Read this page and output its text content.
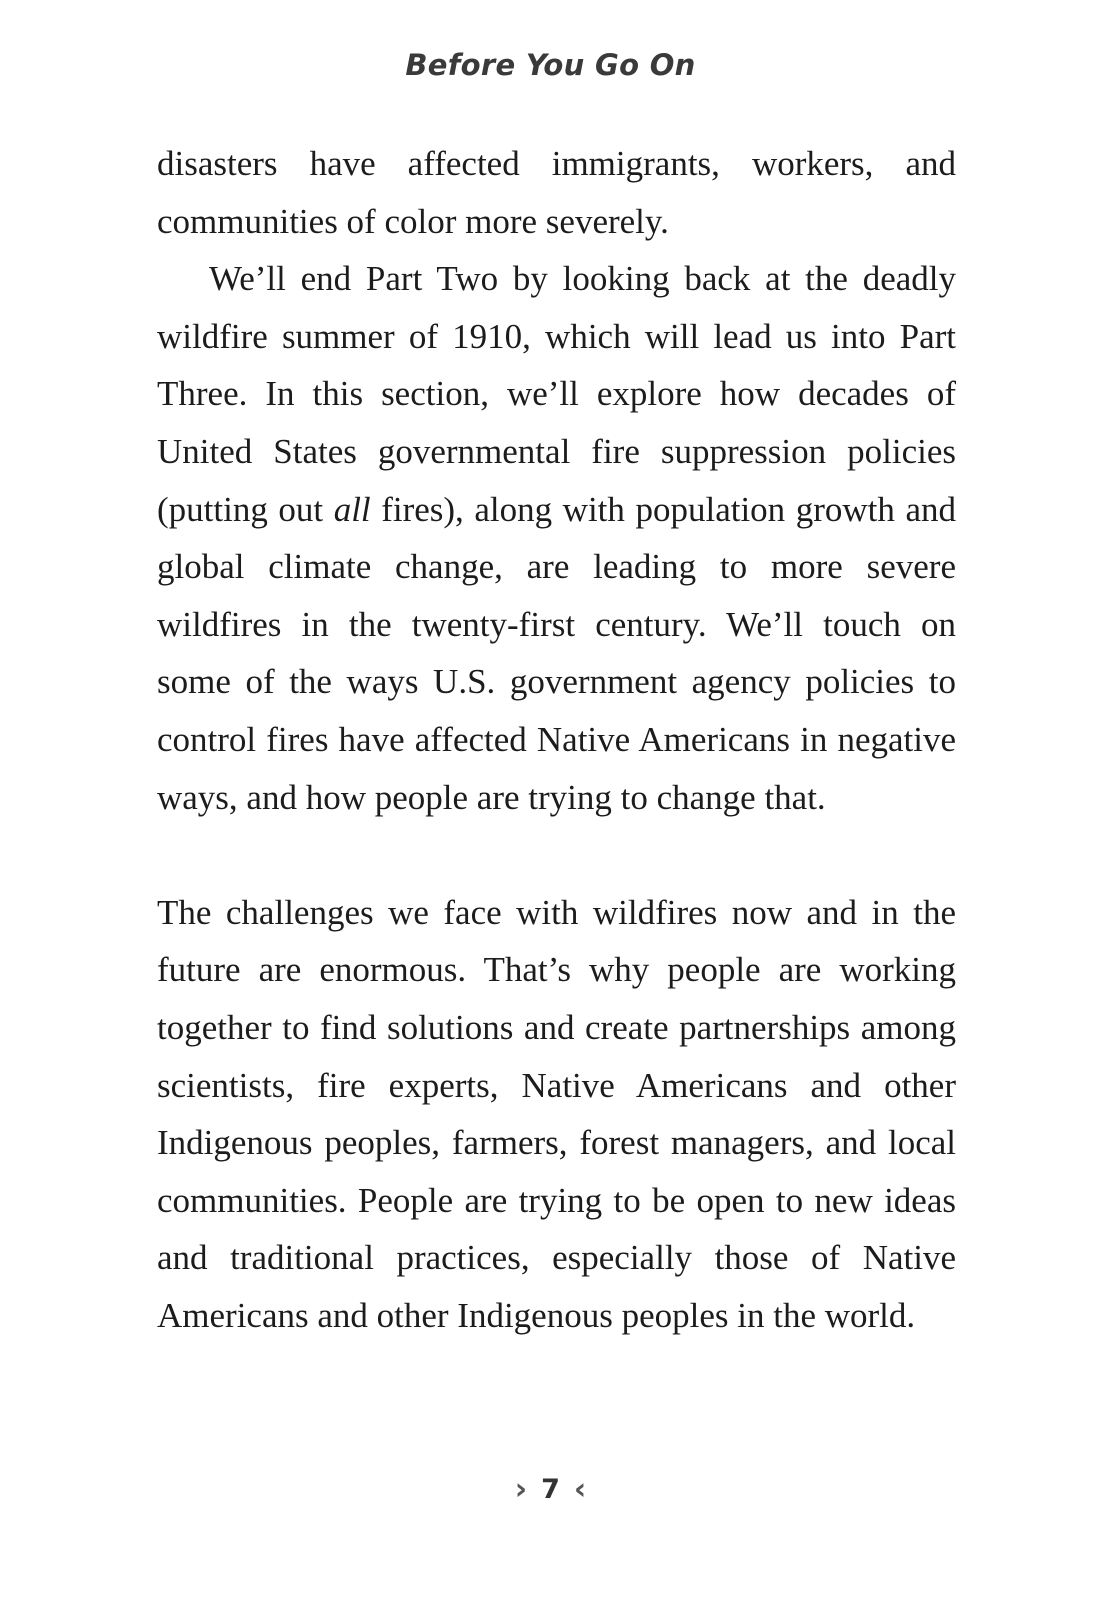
Before You Go On

disasters have affected immigrants, workers, and communities of color more severely.

We’ll end Part Two by looking back at the deadly wildfire summer of 1910, which will lead us into Part Three. In this section, we’ll explore how decades of United States governmental fire suppression policies (putting out all fires), along with population growth and global climate change, are leading to more severe wildfires in the twenty-first century. We’ll touch on some of the ways U.S. government agency policies to control fires have affected Native Americans in negative ways, and how people are trying to change that.

The challenges we face with wildfires now and in the future are enormous. That’s why people are working together to find solutions and create partnerships among scientists, fire experts, Native Americans and other Indigenous peoples, farmers, forest managers, and local communities. People are trying to be open to new ideas and traditional practices, especially those of Native Americans and other Indigenous peoples in the world.

› 7 ‹
